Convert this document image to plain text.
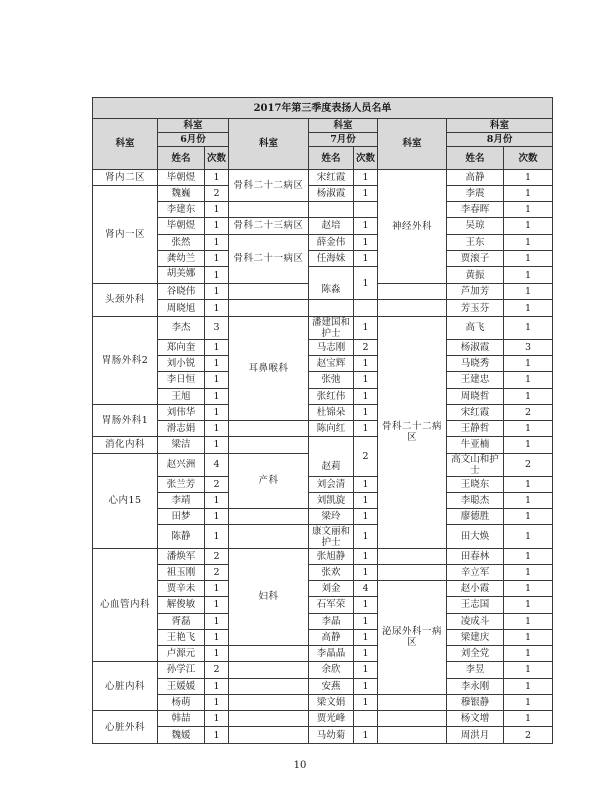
2017年第三季度表扬人员名单								
科室	科室		科室	科室		科室	科室	
	6月份			7月份			8月份	
	姓名	次数		姓名	次数		姓名	次数
肾内二区	毕朝煜	1	骨科二十二病区	宋红霞	1	神经外科	高静	1
肾内一区	魏巍	2		杨淑霞	1		李震	1
	李建东	1					李春晖	1
	毕朝煜	1	骨科二十三病区	赵培	1		吴琼	1
	张然	1	骨科二十一病区	薛金伟	1		王东	1
	龚幼兰	1		任海妹	1		贾滚子	1
	胡美娜	1		陈淼	1		黄振	1
头颈外科	谷晓伟	1					芦加芳	1
	周晓旭	1					芳玉芬	1
胃肠外科2	李杰	3	耳鼻喉科	潘建国和护士	1	骨科二十二病区	高飞	1
	郑向奎	1		马志刚	2		杨淑霞	3
	刘小锐	1		赵宝辉	1		马晓秀	1
	李日恒	1		张弛	1		王建忠	1
	王旭	1		张红伟	1		周晓哲	1
胃肠外科1	刘伟华	1		杜锦朵	1		宋红霞	2
	滑志娟	1		陈向红	1		王静哲	1
消化内科	梁洁	1		赵莉	2		牛亚楠	1
心内15	赵兴洲	4	产科				高文山和护士	2
	张兰芳	2		刘会清	1		王晓东	1
	李靖	1		刘凯旋	1		李聪杰	1
	田梦	1		梁玲	1		廖德胜	1
	陈静	1		康文丽和护士	1		田大焕	1
心血管内科	潘焕军	2	妇科	张旭静	1		田春林	1
	祖玉刚	2		张欢	1		辛立军	1
	贾辛未	1		刘金	4	泌尿外科一病区	赵小霞	1
	解俊敏	1		石军荣	1		王志国	1
	胥磊	1		李晶	1		凌成斗	1
	王艳飞	1		高静	1		梁建庆	1
	卢源元	1		李晶晶	1		刘全党	1
心脏内科	孙学江	2		余欣	1		李昱	1
	王媛媛	1		安燕	1		李永刚	1
	杨萌	1		梁文娟	1		穆银静	1
心脏外科	韩喆	1		贾光峰			杨文增	1
	魏媛	1		马幼菊	1		周洪月	2
10
